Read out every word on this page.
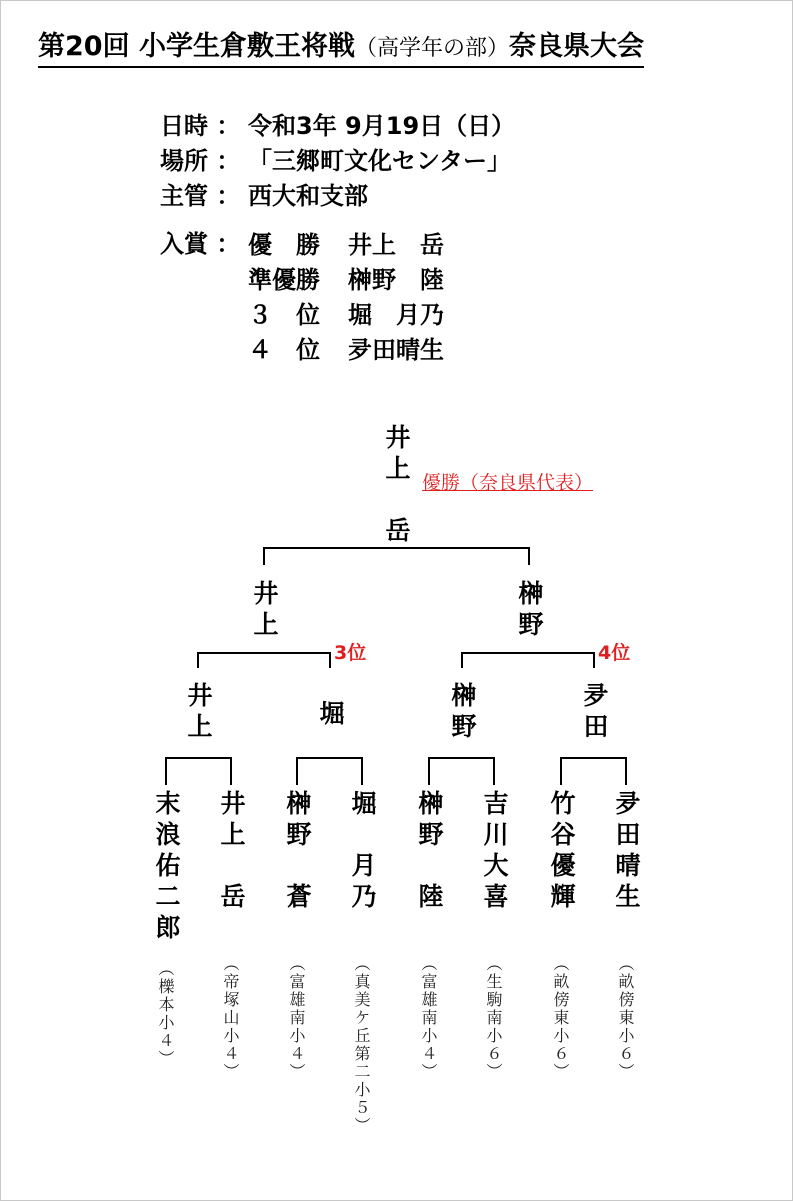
第20回 小学生倉敷王将戦（高学年の部）奈良県大会
日時 ： 令和3年 9月19日（日）
場所 ： 「三郷町文化センター」
主管 ： 西大和支部
入賞 ： 優　勝 井上　岳
準優勝 榊野　陸
３　位 堀　月乃
４　位 夛田晴生
井上　岳 優勝（奈良県代表）
井上	榊野
3位	4位
井上	堀	榊野	夛田
末浪佑二郎 井上　岳 榊野　蒼 堀　月乃 榊野　陸 吉川大喜 竹谷優輝 夛田晴生
（櫟本小４）	（帝塚山小４）	（富雄南小４）	（真美ケ丘第二小５）	（富雄南小４）	（生駒南小６）	（畝傍東小６）	（畝傍東小６）
